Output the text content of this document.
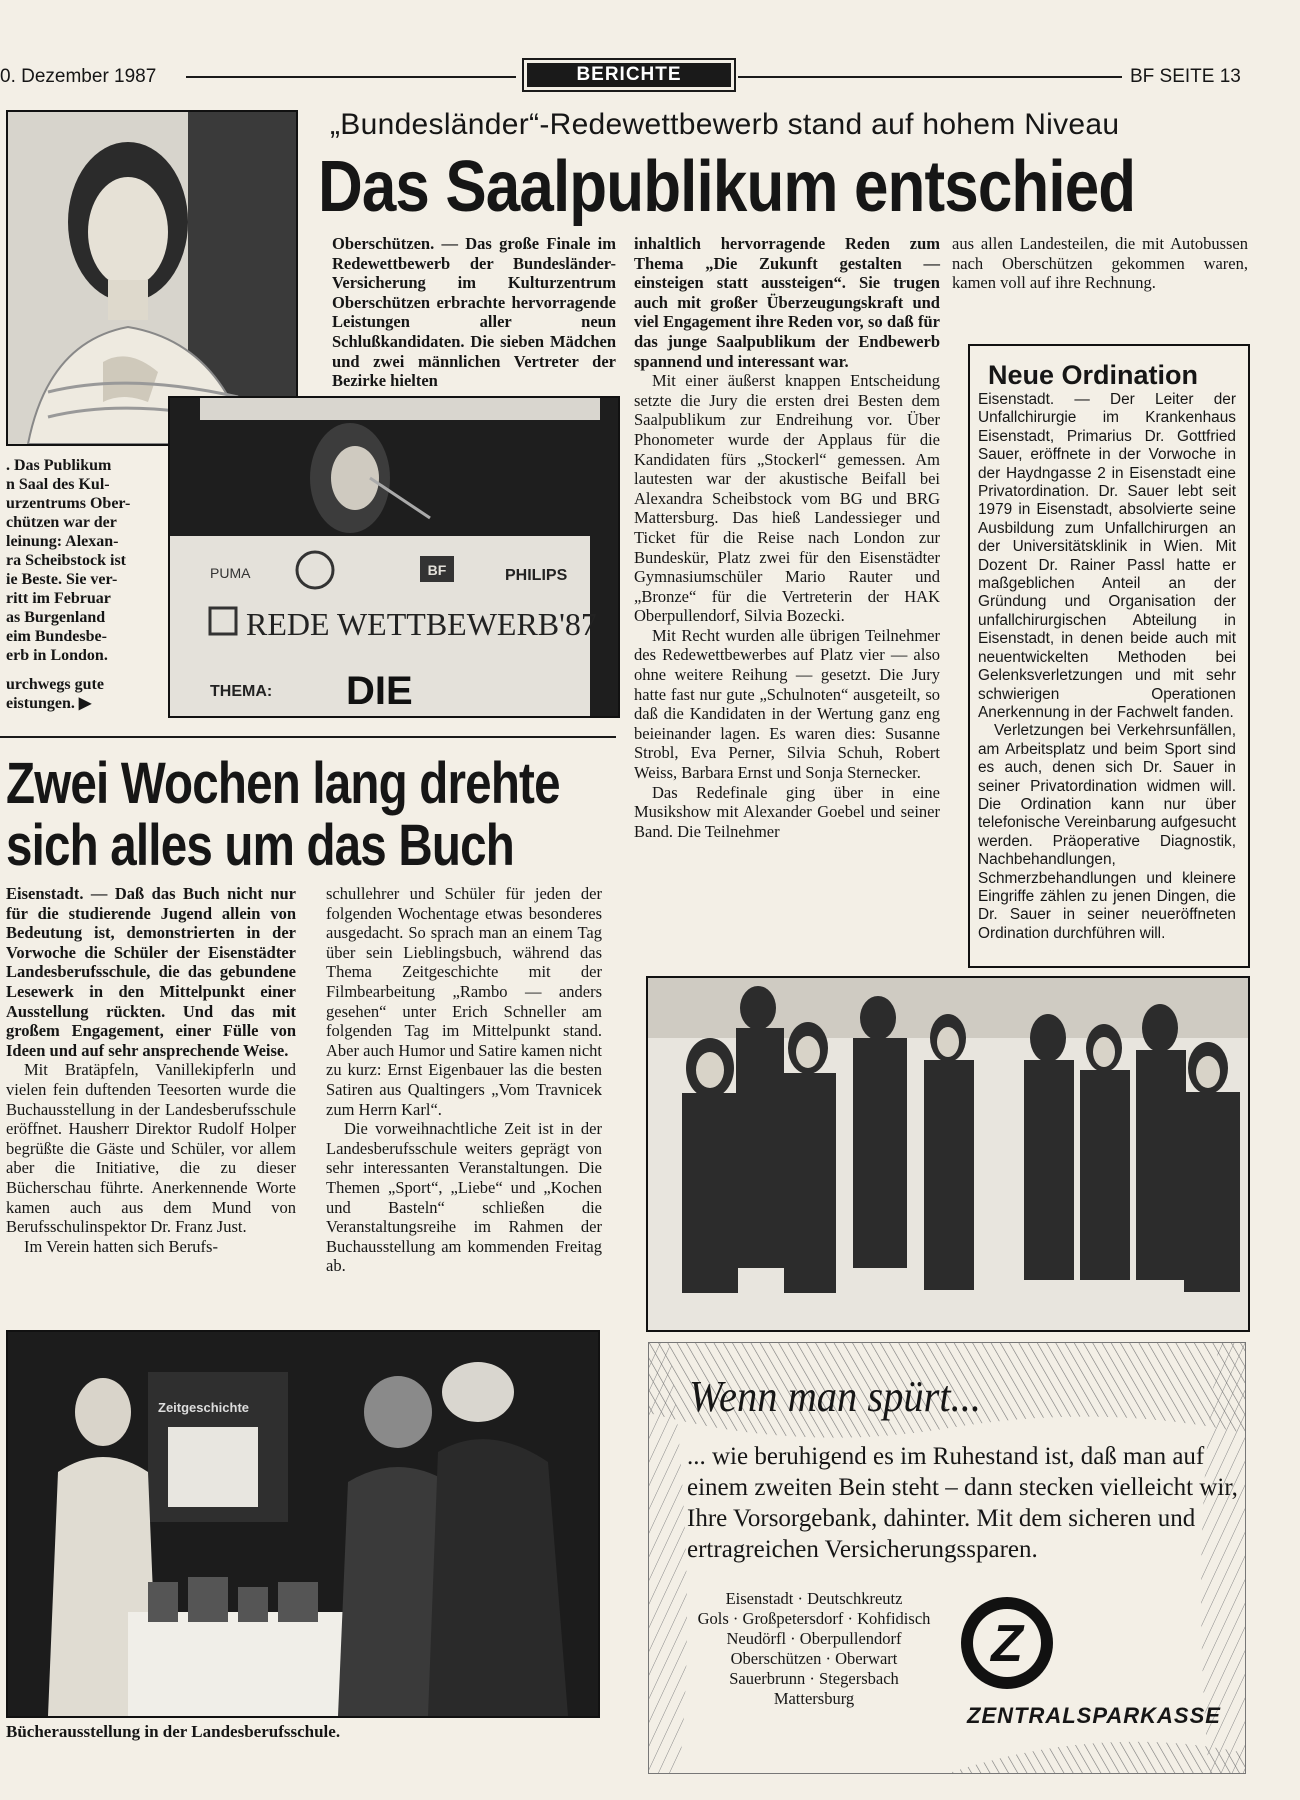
0. Dezember 1987	BERICHTE	BF SEITE 13
„Bundesländer“-Redewettbewerb stand auf hohem Niveau
Das Saalpublikum entschied
. Das Publikum
n Saal des Kul-
urzentrums Ober-
chützen war der
leinung: Alexan-
ra Scheibstock ist
ie Beste. Sie ver-
ritt im Februar
as Burgenland
eim Bundesbe-
erb in London.
urchwegs gute
eistungen. ▶
Oberschützen. — Das große Finale im Redewettbewerb der Bundesländer-Versicherung im Kulturzentrum Oberschützen erbrachte hervorragende Leistungen aller neun Schlußkandidaten. Die sieben Mädchen und zwei männlichen Vertreter der Bezirke hielten
PUMA	BF	PHILIPS
REDE WETTBEWERB'87
THEMA: DIE

inhaltlich hervorragende Reden zum Thema „Die Zukunft gestalten — einsteigen statt aussteigen“. Sie trugen auch mit großer Überzeugungskraft und viel Engagement ihre Reden vor, so daß für das junge Saalpublikum der Endbewerb spannend und interessant war.

Mit einer äußerst knappen Entscheidung setzte die Jury die ersten drei Besten dem Saalpublikum zur Endreihung vor. Über Phonometer wurde der Applaus für die Kandidaten fürs „Stockerl“ gemessen. Am lautesten war der akustische Beifall bei Alexandra Scheibstock vom BG und BRG Mattersburg. Das hieß Landessieger und Ticket für die Reise nach London zur Bundeskür, Platz zwei für den Eisenstädter Gymnasiumschüler Mario Rauter und „Bronze“ für die Vertreterin der HAK Oberpullendorf, Silvia Bozecki.

Mit Recht wurden alle übrigen Teilnehmer des Redewettbewerbes auf Platz vier — also ohne weitere Reihung — gesetzt. Die Jury hatte fast nur gute „Schulnoten“ ausgeteilt, so daß die Kandidaten in der Wertung ganz eng beieinander lagen. Es waren dies: Susanne Strobl, Eva Perner, Silvia Schuh, Robert Weiss, Barbara Ernst und Sonja Sternecker.

Das Redefinale ging über in eine Musikshow mit Alexander Goebel und seiner Band. Die Teilnehmer

aus allen Landesteilen, die mit Autobussen nach Oberschützen gekommen waren, kamen voll auf ihre Rechnung.
Neue Ordination

Eisenstadt. — Der Leiter der Unfallchirurgie im Krankenhaus Eisenstadt, Primarius Dr. Gottfried Sauer, eröffnete in der Vorwoche in der Haydngasse 2 in Eisenstadt eine Privatordination. Dr. Sauer lebt seit 1979 in Eisenstadt, absolvierte seine Ausbildung zum Unfallchirurgen an der Universitätsklinik in Wien. Mit Dozent Dr. Rainer Passl hatte er maßgeblichen Anteil an der Gründung und Organisation der unfallchirurgischen Abteilung in Eisenstadt, in denen beide auch mit neuentwickelten Methoden bei Gelenksverletzungen und mit sehr schwierigen Operationen Anerkennung in der Fachwelt fanden.

Verletzungen bei Verkehrsunfällen, am Arbeitsplatz und beim Sport sind es auch, denen sich Dr. Sauer in seiner Privatordination widmen will. Die Ordination kann nur über telefonische Vereinbarung aufgesucht werden. Präoperative Diagnostik, Nachbehandlungen, Schmerzbehandlungen und kleinere Eingriffe zählen zu jenen Dingen, die Dr. Sauer in seiner neueröffneten Ordination durchführen will.

Zwei Wochen lang drehte
sich alles um das Buch

Eisenstadt. — Daß das Buch nicht nur für die studierende Jugend allein von Bedeutung ist, demonstrierten in der Vorwoche die Schüler der Eisenstädter Landesberufsschule, die das gebundene Lesewerk in den Mittelpunkt einer Ausstellung rückten. Und das mit großem Engagement, einer Fülle von Ideen und auf sehr ansprechende Weise.

Mit Bratäpfeln, Vanillekipferln und vielen fein duftenden Teesorten wurde die Buchausstellung in der Landesberufsschule eröffnet. Hausherr Direktor Rudolf Holper begrüßte die Gäste und Schüler, vor allem aber die Initiative, die zu dieser Bücherschau führte. Anerkennende Worte kamen auch aus dem Mund von Berufsschulinspektor Dr. Franz Just.

Im Verein hatten sich Berufs-

schullehrer und Schüler für jeden der folgenden Wochentage etwas besonderes ausgedacht. So sprach man an einem Tag über sein Lieblingsbuch, während das Thema Zeitgeschichte mit der Filmbearbeitung „Rambo — anders gesehen“ unter Erich Schneller am folgenden Tag im Mittelpunkt stand. Aber auch Humor und Satire kamen nicht zu kurz: Ernst Eigenbauer las die besten Satiren aus Qualtingers „Vom Travnicek zum Herrn Karl“.

Die vorweihnachtliche Zeit ist in der Landesberufsschule weiters geprägt von sehr interessanten Veranstaltungen. Die Themen „Sport“, „Liebe“ und „Kochen und Basteln“ schließen die Veranstaltungsreihe im Rahmen der Buchausstellung am kommenden Freitag ab.

Zeitgeschichte
Bücherausstellung in der Landesberufsschule.
Wenn man spürt...
... wie beruhigend es im Ruhestand ist, daß man auf einem zweiten Bein steht – dann stecken vielleicht wir, Ihre Vorsorgebank, dahinter. Mit dem sicheren und ertragreichen Versicherungssparen.
Eisenstadt · Deutschkreutz
Gols · Großpetersdorf · Kohfidisch
Neudörfl · Oberpullendorf
Oberschützen · Oberwart
Sauerbrunn · Stegersbach
Mattersburg
Z
ZENTRALSPARKASSE
